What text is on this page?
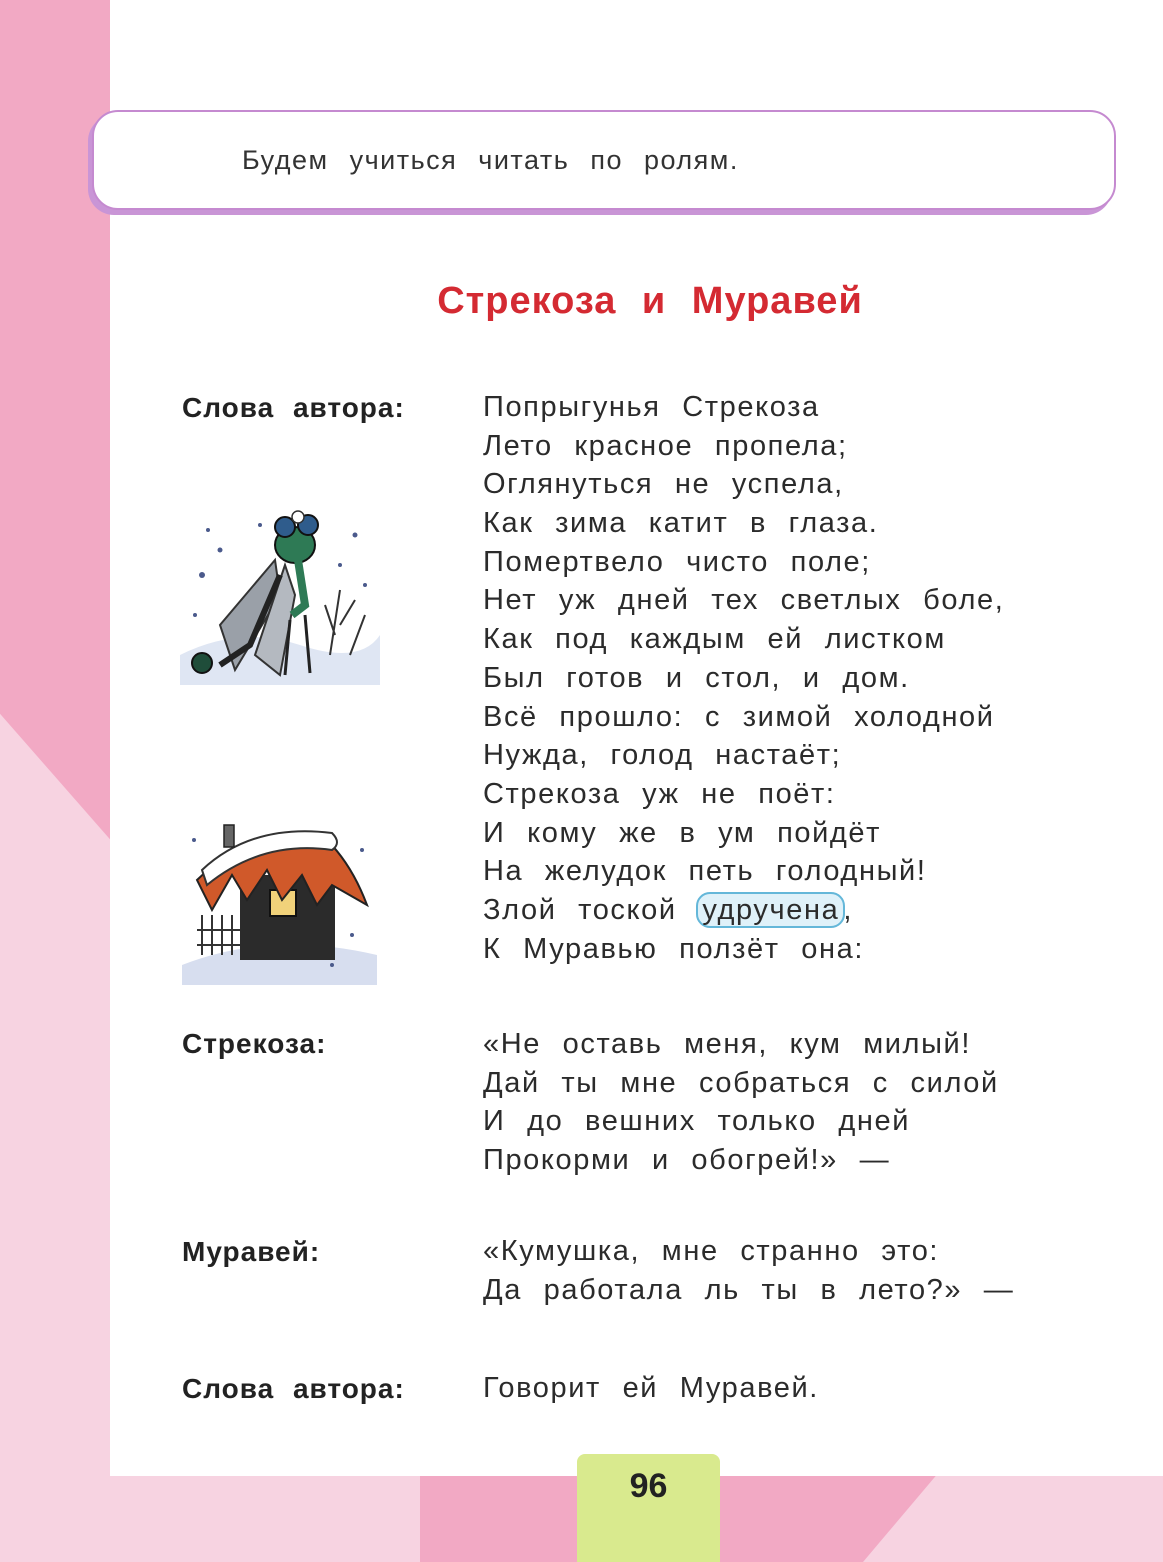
Будем учиться читать по ролям.
Стрекоза и Муравей
Слова автора:	Попрыгунья Стрекоза
Лето красное пропела;
Оглянуться не успела,
Как зима катит в глаза.
Помертвело чисто поле;
Нет уж дней тех светлых боле,
Как под каждым ей листком
Был готов и стол, и дом.
Всё прошло: с зимой холодной
Нужда, голод настаёт;
Стрекоза уж не поёт:
И кому же в ум пойдёт
На желудок петь голодный!
Злой тоской удручена ,
К Муравью ползёт она:
Стрекоза:	«Не оставь меня, кум милый!
Дай ты мне собраться с силой
И до вешних только дней
Прокорми и обогрей!» —
Муравей:	«Кумушка, мне странно это:
Да работала ль ты в лето?» —
Слова автора:	Говорит ей Муравей.
96
